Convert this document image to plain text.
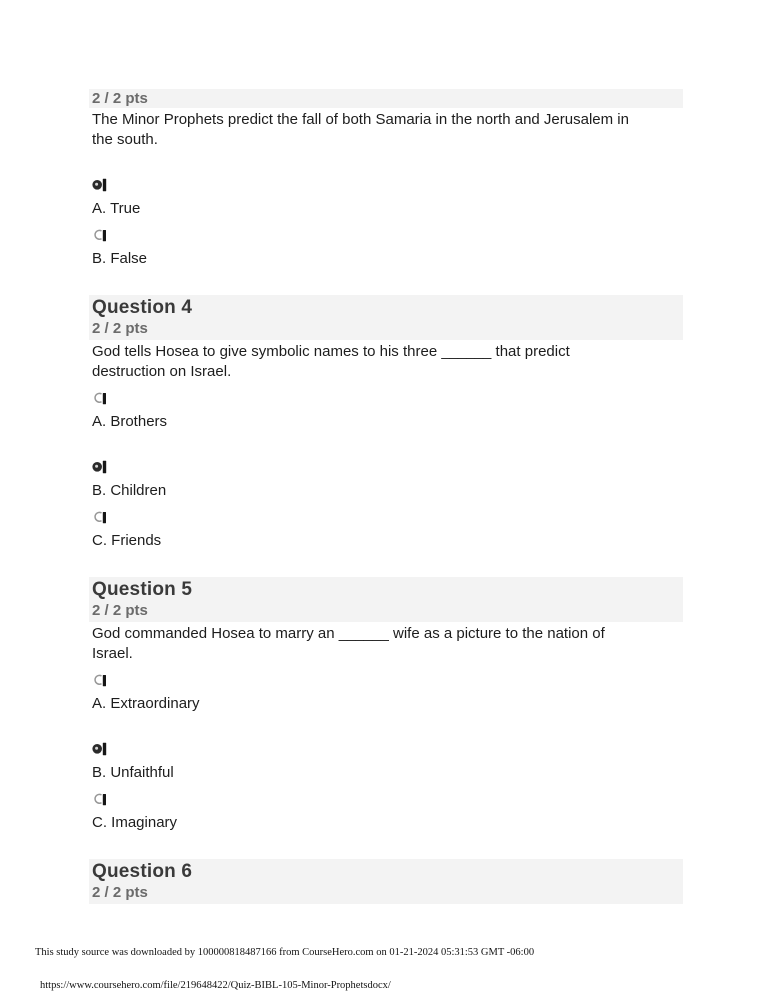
2 / 2 pts

The Minor Prophets predict the fall of both Samaria in the north and Jerusalem in
the south.

A. True
B. False
Question 4
2 / 2 pts

God tells Hosea to give symbolic names to his three ______ that predict
destruction on Israel.

A. Brothers
B. Children
C. Friends
Question 5
2 / 2 pts

God commanded Hosea to marry an ______ wife as a picture to the nation of
Israel.

A. Extraordinary
B. Unfaithful
C. Imaginary
Question 6
2 / 2 pts
This study source was downloaded by 100000818487166 from CourseHero.com on 01-21-2024 05:31:53 GMT -06:00
https://www.coursehero.com/file/219648422/Quiz-BIBL-105-Minor-Prophetsdocx/
